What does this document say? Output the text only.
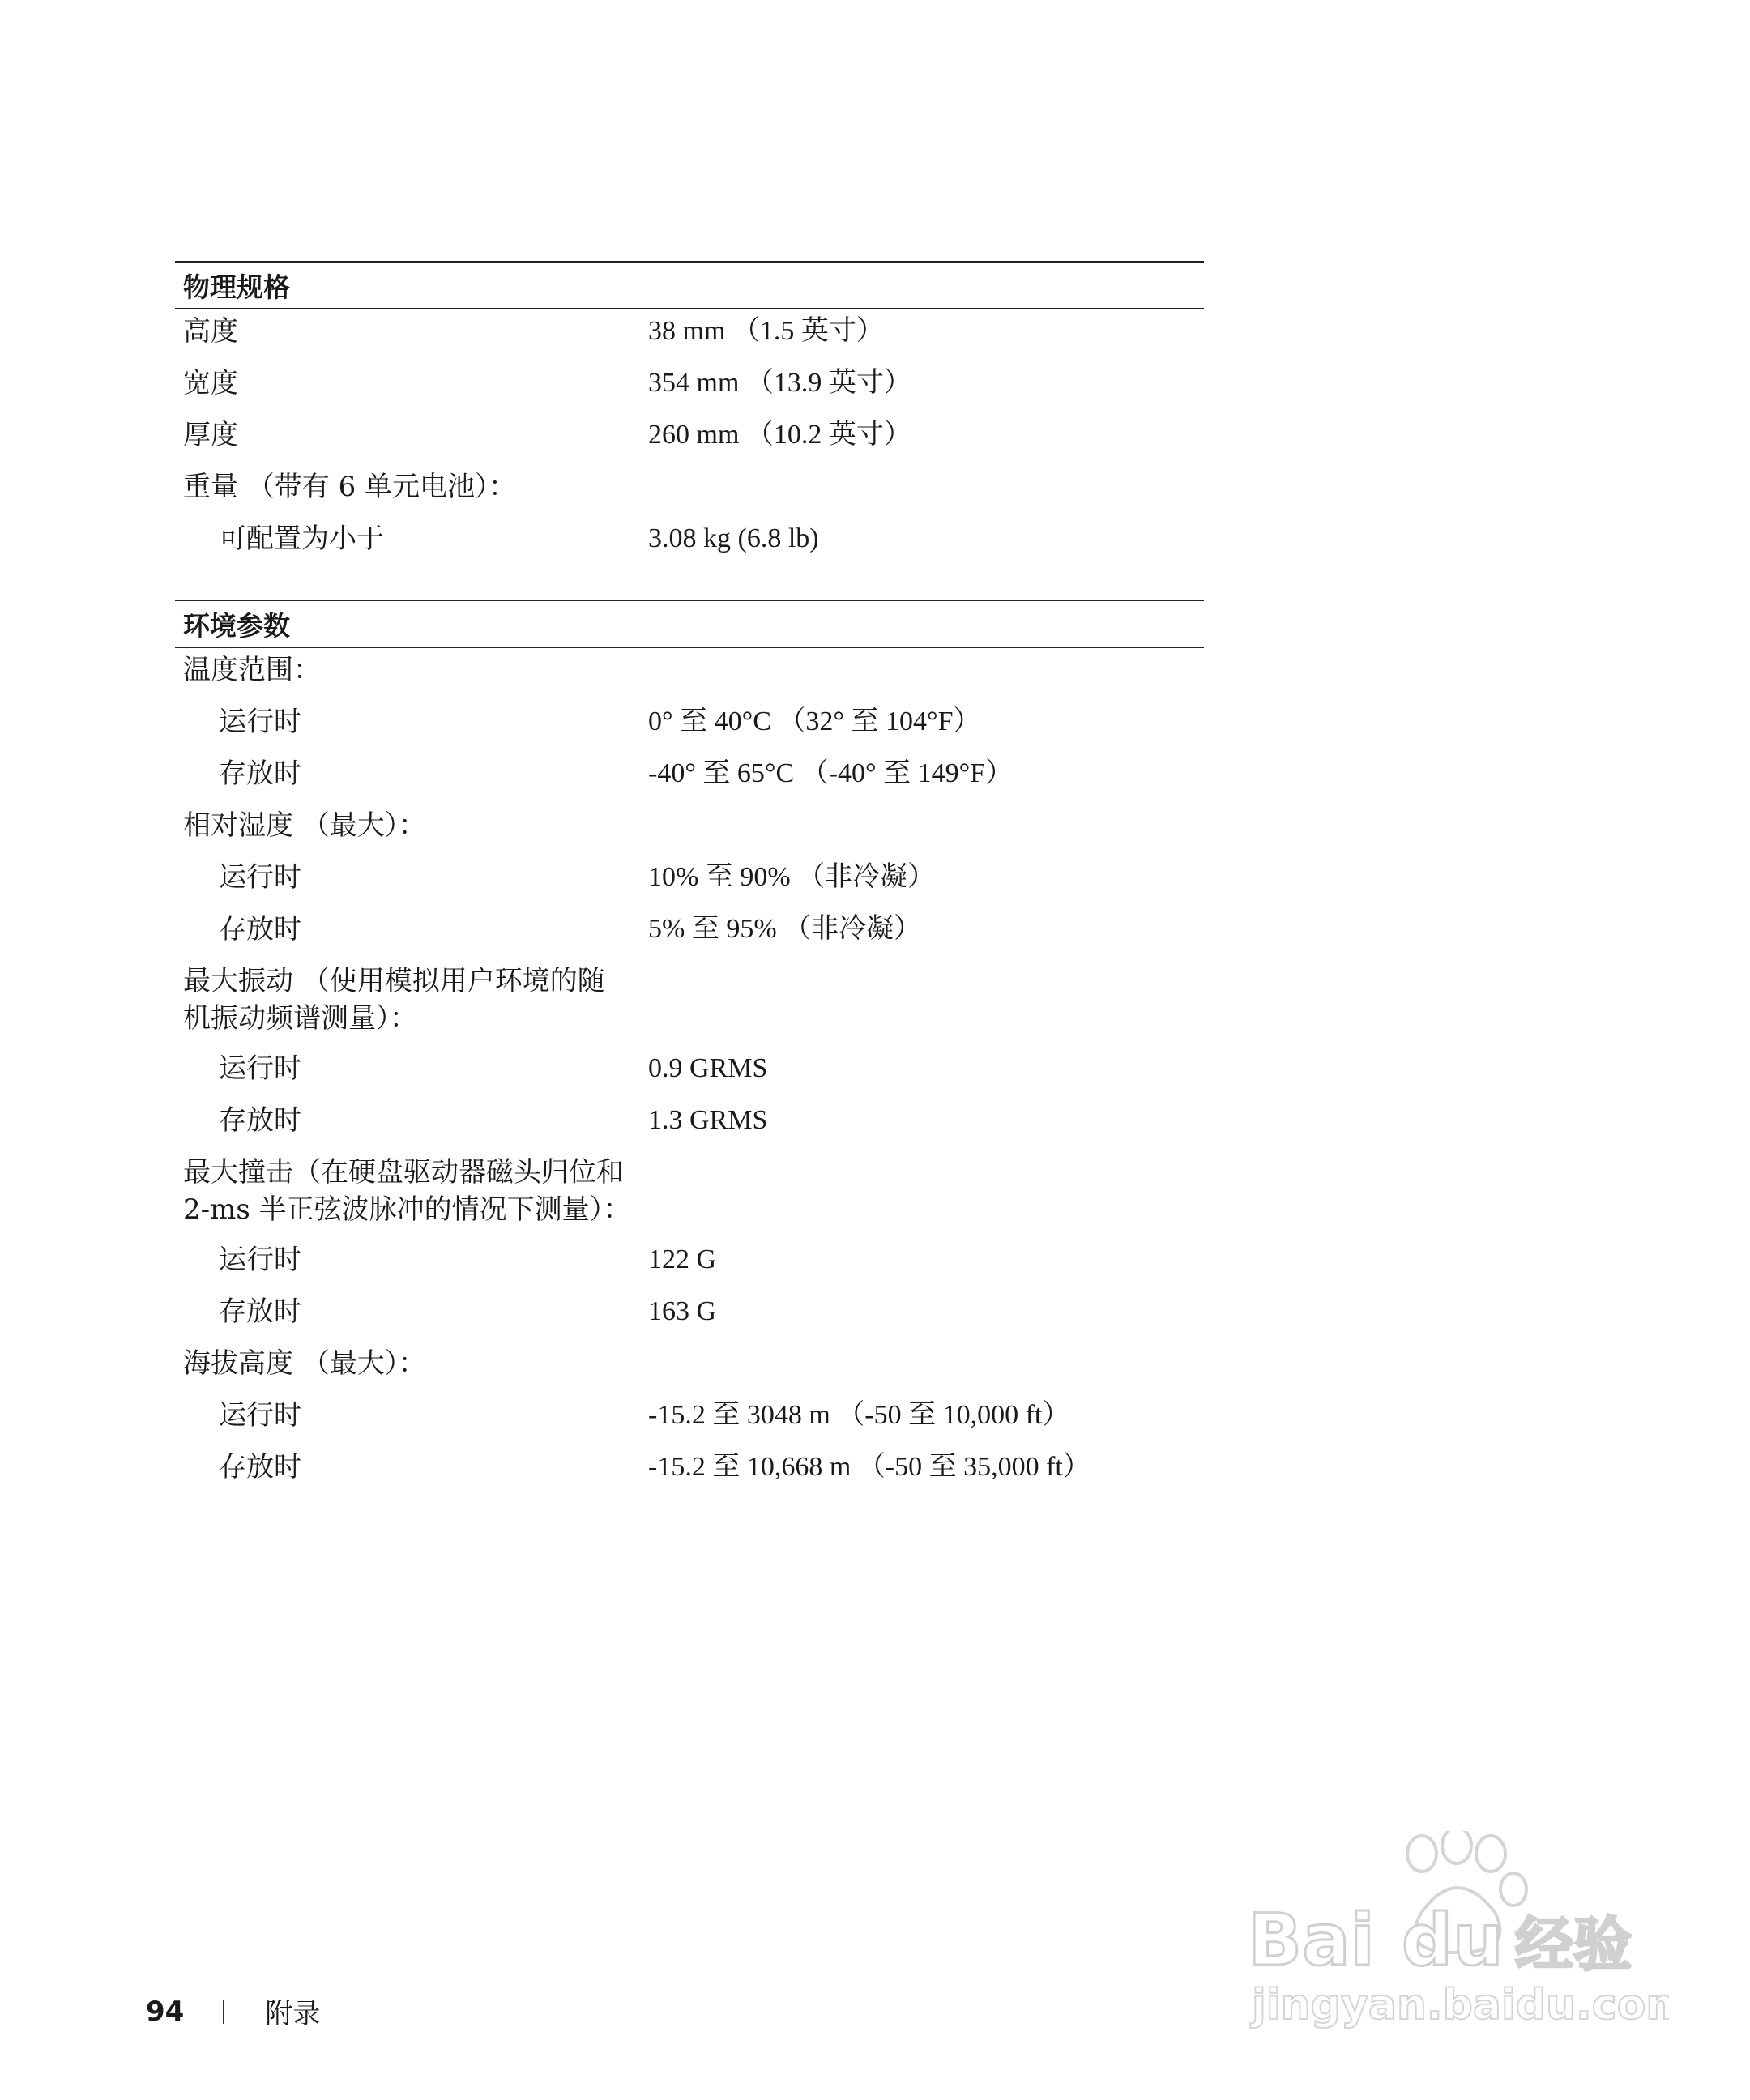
物理规格
高度	38 mm （1.5 英寸）
宽度	354 mm （13.9 英寸）
厚度	260 mm （10.2 英寸）
重量 （带有 6 单元电池）：
可配置为小于	3.08 kg (6.8 lb)
环境参数
温度范围：
运行时	0° 至 40°C （32° 至 104°F）
存放时	-40° 至 65°C （-40° 至 149°F）
相对湿度 （最大）：
运行时	10% 至 90% （非冷凝）
存放时	5% 至 95% （非冷凝）
最大振动 （使用模拟用户环境的随
机振动频谱测量）：
运行时	0.9 GRMS
存放时	1.3 GRMS
最大撞击（在硬盘驱动器磁头归位和
2-ms 半正弦波脉冲的情况下测量）：
运行时	122 G
存放时	163 G
海拔高度 （最大）：
运行时	-15.2 至 3048 m （-50 至 10,000 ft）
存放时	-15.2 至 10,668 m （-50 至 35,000 ft）
94	附录
Bai du 经验
jingyan.baidu.com
